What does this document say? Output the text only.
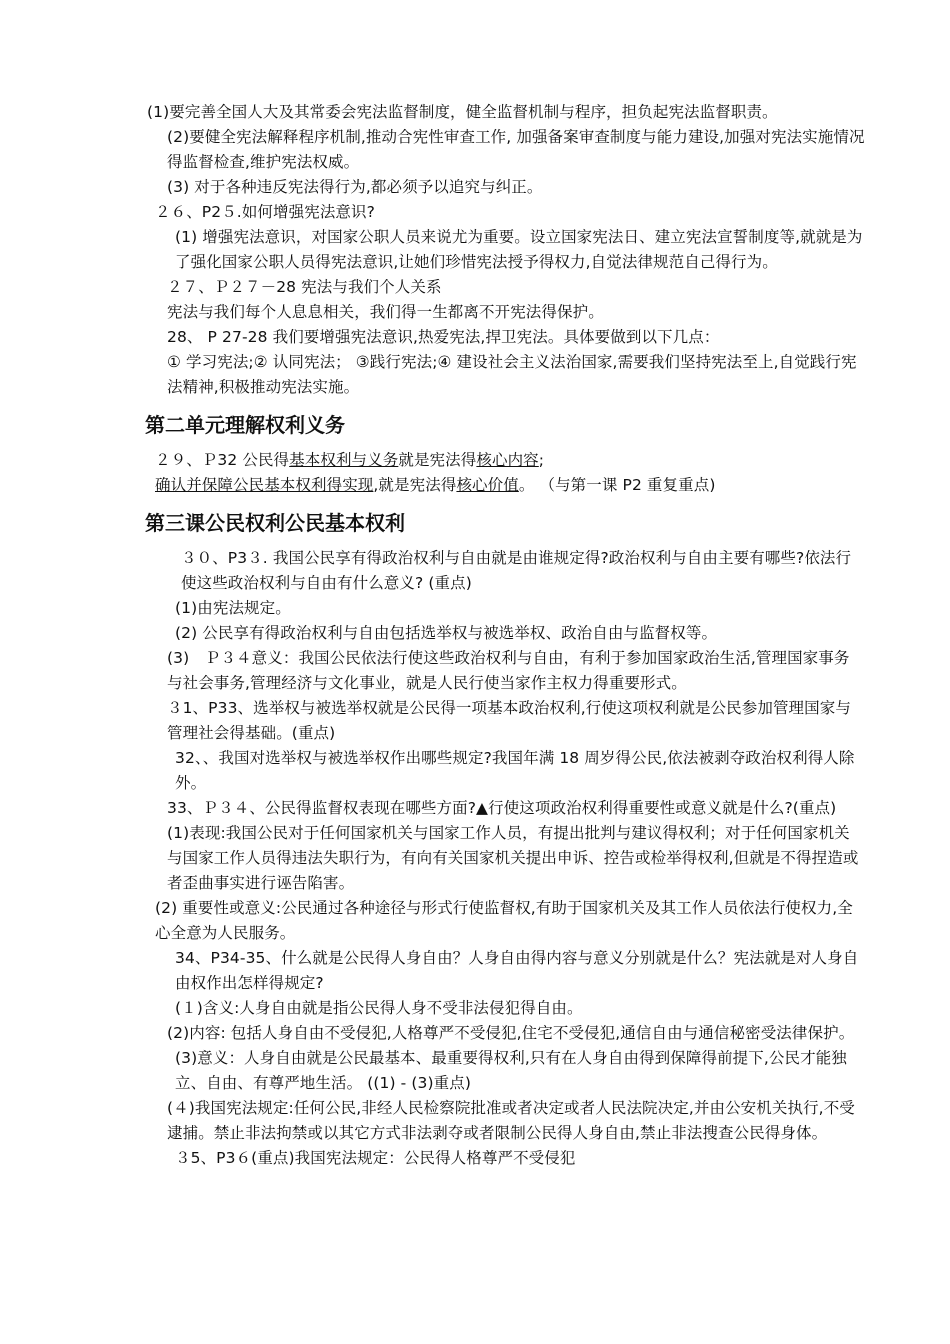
(1)要完善全国人大及其常委会宪法监督制度，健全监督机制与程序，担负起宪法监督职责。

(2)要健全宪法解释程序机制,推动合宪性审查工作, 加强备案审查制度与能力建设,加强对宪法实施情况得监督检查,维护宪法权威。

(3) 对于各种违反宪法得行为,都必须予以追究与纠正。

２６、P2５.如何增强宪法意识?

(1) 增强宪法意识，对国家公职人员来说尤为重要。设立国家宪法日、建立宪法宣誓制度等,就就是为了强化国家公职人员得宪法意识,让她们珍惜宪法授予得权力,自觉法律规范自己得行为。

２７、Ｐ２７－28 宪法与我们个人关系

宪法与我们每个人息息相关，我们得一生都离不开宪法得保护。

28、 P 27-28 我们要增强宪法意识,热爱宪法,捍卫宪法。具体要做到以下几点：

① 学习宪法;② 认同宪法； ③践行宪法;④ 建设社会主义法治国家,需要我们坚持宪法至上,自觉践行宪法精神,积极推动宪法实施。

第二单元理解权利义务

２９、Ｐ32 公民得基本权利与义务就是宪法得核心内容;

确认并保障公民基本权利得实现,就是宪法得核心价值。 （与第一课 P2 重复重点)

第三课公民权利公民基本权利

３０、P3３. 我国公民享有得政治权利与自由就是由谁规定得?政治权利与自由主要有哪些?依法行使这些政治权利与自由有什么意义? (重点)

(1)由宪法规定。

(2) 公民享有得政治权利与自由包括选举权与被选举权、政治自由与监督权等。

(3)　Ｐ３４意义：我国公民依法行使这些政治权利与自由，有利于参加国家政治生活,管理国家事务与社会事务,管理经济与文化事业，就是人民行使当家作主权力得重要形式。

３1、P33、选举权与被选举权就是公民得一项基本政治权利,行使这项权利就是公民参加管理国家与管理社会得基础。(重点)

32、、我国对选举权与被选举权作出哪些规定?我国年满 18 周岁得公民,依法被剥夺政治权利得人除外。

33、Ｐ３４、公民得监督权表现在哪些方面?▲行使这项政治权利得重要性或意义就是什么?(重点)

(1)表现:我国公民对于任何国家机关与国家工作人员，有提出批判与建议得权利；对于任何国家机关与国家工作人员得违法失职行为，有向有关国家机关提出申诉、控告或检举得权利,但就是不得捏造或者歪曲事实进行诬告陷害。

(2) 重要性或意义:公民通过各种途径与形式行使监督权,有助于国家机关及其工作人员依法行使权力,全心全意为人民服务。

34、P34-35、什么就是公民得人身自由？人身自由得内容与意义分别就是什么？宪法就是对人身自由权作出怎样得规定?

(１)含义:人身自由就是指公民得人身不受非法侵犯得自由。

(2)内容: 包括人身自由不受侵犯,人格尊严不受侵犯,住宅不受侵犯,通信自由与通信秘密受法律保护。

(3)意义：人身自由就是公民最基本、最重要得权利,只有在人身自由得到保障得前提下,公民才能独立、自由、有尊严地生活。 ((1) - (3)重点)

(４)我国宪法规定:任何公民,非经人民检察院批准或者决定或者人民法院决定,并由公安机关执行,不受逮捕。禁止非法拘禁或以其它方式非法剥夺或者限制公民得人身自由,禁止非法搜查公民得身体。

３5、P3６(重点)我国宪法规定：公民得人格尊严不受侵犯
